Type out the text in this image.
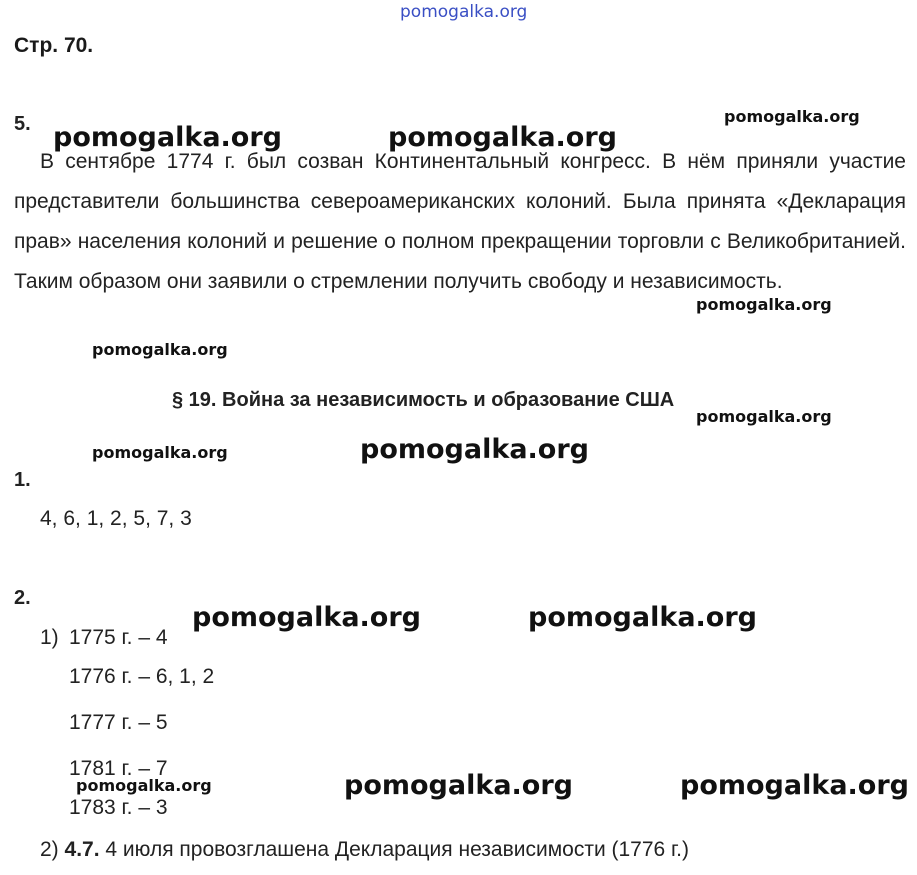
pomogalka.org
Стр. 70.
5.
В сентябре 1774 г. был созван Континентальный конгресс. В нём приняли участие представители большинства североамериканских колоний. Была принята «Декларация прав» населения колоний и решение о полном прекращении торговли с Великобританией. Таким образом они заявили о стремлении получить свободу и независимость.
§ 19. Война за независимость и образование США
1.
4, 6, 1, 2, 5, 7, 3
2.
1) 1775 г. – 4
1776 г. – 6, 1, 2
1777 г. – 5
1781 г. – 7
1783 г. – 3
2) 4.7. 4 июля провозглашена Декларация независимости (1776 г.)
pomogalka.org	pomogalka.org
pomogalka.org
pomogalka.org
pomogalka.org
pomogalka.org
pomogalka.org	pomogalka.org
pomogalka.org	pomogalka.org
pomogalka.org	pomogalka.org	pomogalka.org
